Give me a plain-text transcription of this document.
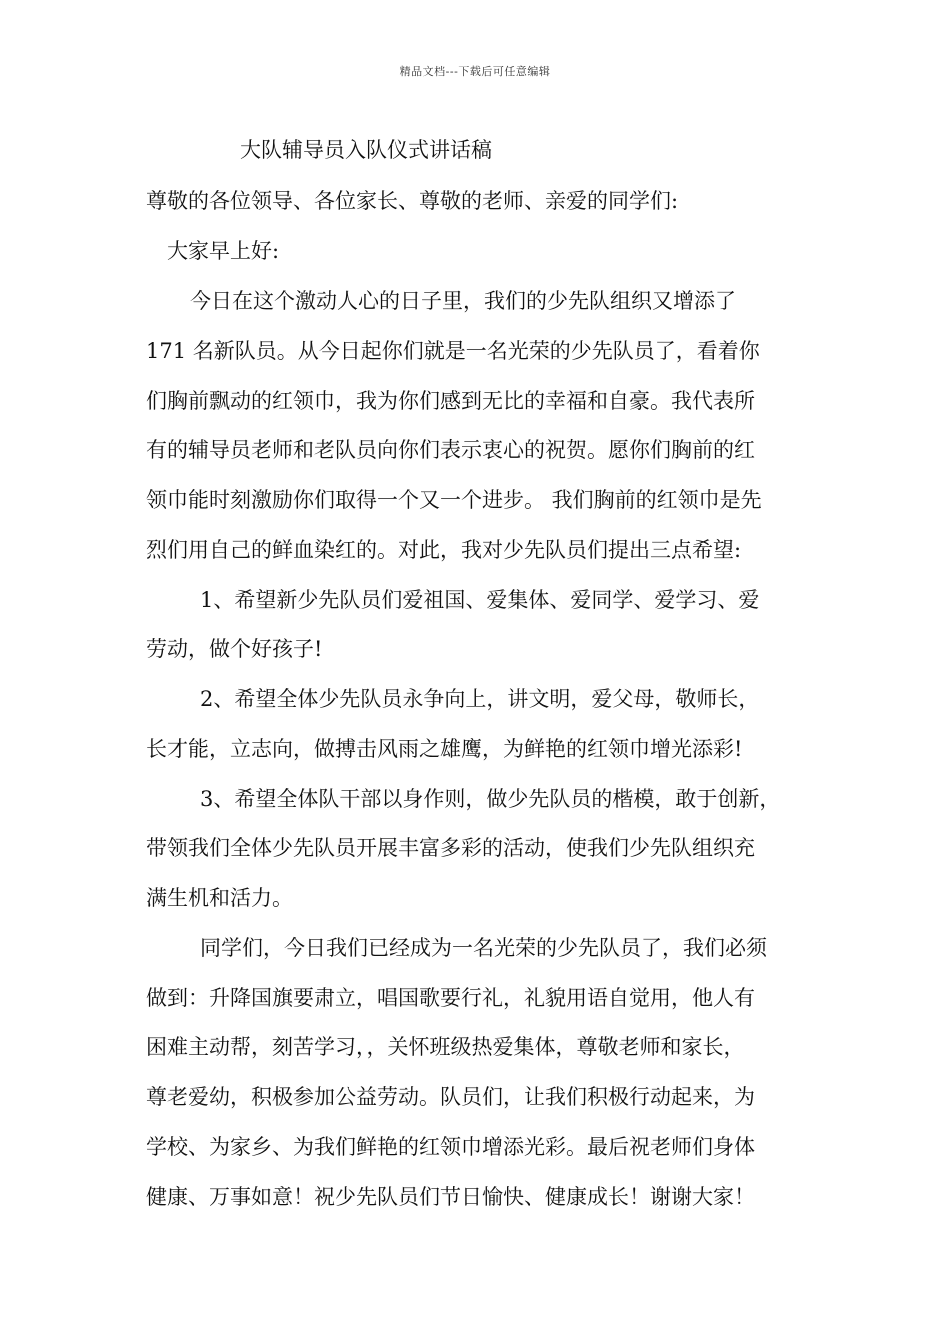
精品文档---下载后可任意编辑
大队辅导员入队仪式讲话稿
尊敬的各位领导、各位家长、尊敬的老师、亲爱的同学们:
大家早上好:
今日在这个激动人心的日子里，我们的少先队组织又增添了
171 名新队员。从今日起你们就是一名光荣的少先队员了，看着你
们胸前飘动的红领巾，我为你们感到无比的幸福和自豪。我代表所
有的辅导员老师和老队员向你们表示衷心的祝贺。愿你们胸前的红
领巾能时刻激励你们取得一个又一个进步。 我们胸前的红领巾是先
烈们用自己的鲜血染红的。对此，我对少先队员们提出三点希望:
1、希望新少先队员们爱祖国、爱集体、爱同学、爱学习、爱
劳动，做个好孩子!
2、希望全体少先队员永争向上，讲文明，爱父母，敬师长，
长才能，立志向，做搏击风雨之雄鹰，为鲜艳的红领巾增光添彩!
3、希望全体队干部以身作则，做少先队员的楷模，敢于创新，
带领我们全体少先队员开展丰富多彩的活动，使我们少先队组织充
满生机和活力。
同学们，今日我们已经成为一名光荣的少先队员了，我们必须
做到：升降国旗要肃立，唱国歌要行礼，礼貌用语自觉用，他人有
困难主动帮，刻苦学习，，关怀班级热爱集体，尊敬老师和家长，
尊老爱幼，积极参加公益劳动。队员们，让我们积极行动起来，为
学校、为家乡、为我们鲜艳的红领巾增添光彩。最后祝老师们身体
健康、万事如意！祝少先队员们节日愉快、健康成长！谢谢大家！
